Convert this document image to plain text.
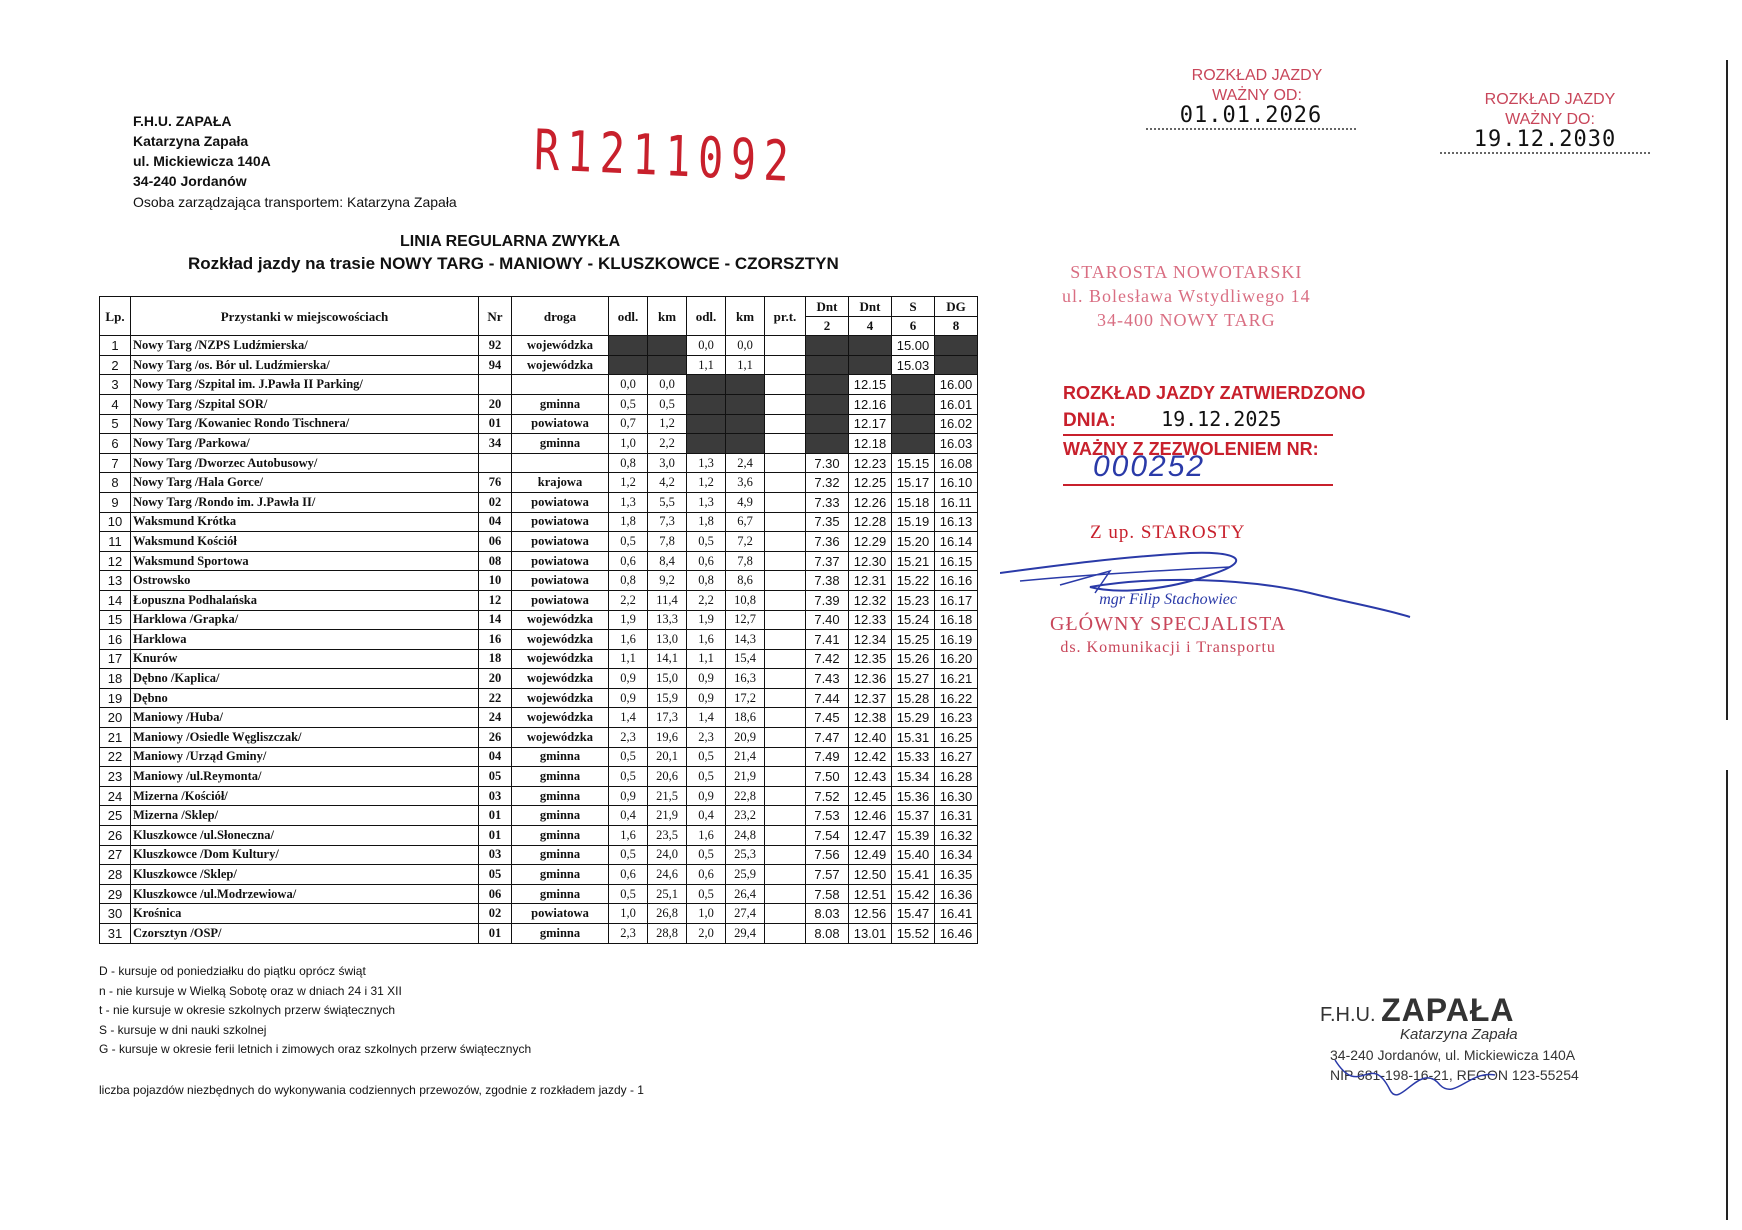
F.H.U. ZAPAŁA
Katarzyna Zapała
ul. Mickiewicza 140A
34-240 Jordanów
Osoba zarządzająca transportem: Katarzyna Zapała
R1211092
ROZKŁAD JAZDY
WAŻNY OD:
01.01.2026
ROZKŁAD JAZDY
WAŻNY DO:
19.12.2030
LINIA REGULARNA ZWYKŁA
Rozkład jazdy na trasie NOWY TARG - MANIOWY - KLUSZKOWCE - CZORSZTYN
Lp.	Przystanki w miejscowościach	Nr	droga	odl.	km	odl.	km	pr.t.	Dnt	Dnt	S	DG
									2	4	6	8
1	Nowy Targ /NZPS Ludźmierska/	92	wojewódzka			0,0	0,0				15.00	
2	Nowy Targ /os. Bór ul. Ludźmierska/	94	wojewódzka			1,1	1,1				15.03	
3	Nowy Targ /Szpital im. J.Pawła II Parking/			0,0	0,0					12.15		16.00
4	Nowy Targ /Szpital SOR/	20	gminna	0,5	0,5					12.16		16.01
5	Nowy Targ /Kowaniec Rondo Tischnera/	01	powiatowa	0,7	1,2					12.17		16.02
6	Nowy Targ /Parkowa/	34	gminna	1,0	2,2					12.18		16.03
7	Nowy Targ /Dworzec Autobusowy/			0,8	3,0	1,3	2,4		7.30	12.23	15.15	16.08
8	Nowy Targ /Hala Gorce/	76	krajowa	1,2	4,2	1,2	3,6		7.32	12.25	15.17	16.10
9	Nowy Targ /Rondo im. J.Pawła II/	02	powiatowa	1,3	5,5	1,3	4,9		7.33	12.26	15.18	16.11
10	Waksmund Krótka	04	powiatowa	1,8	7,3	1,8	6,7		7.35	12.28	15.19	16.13
11	Waksmund Kościół	06	powiatowa	0,5	7,8	0,5	7,2		7.36	12.29	15.20	16.14
12	Waksmund Sportowa	08	powiatowa	0,6	8,4	0,6	7,8		7.37	12.30	15.21	16.15
13	Ostrowsko	10	powiatowa	0,8	9,2	0,8	8,6		7.38	12.31	15.22	16.16
14	Łopuszna Podhalańska	12	powiatowa	2,2	11,4	2,2	10,8		7.39	12.32	15.23	16.17
15	Harklowa /Grapka/	14	wojewódzka	1,9	13,3	1,9	12,7		7.40	12.33	15.24	16.18
16	Harklowa	16	wojewódzka	1,6	13,0	1,6	14,3		7.41	12.34	15.25	16.19
17	Knurów	18	wojewódzka	1,1	14,1	1,1	15,4		7.42	12.35	15.26	16.20
18	Dębno /Kaplica/	20	wojewódzka	0,9	15,0	0,9	16,3		7.43	12.36	15.27	16.21
19	Dębno	22	wojewódzka	0,9	15,9	0,9	17,2		7.44	12.37	15.28	16.22
20	Maniowy /Huba/	24	wojewódzka	1,4	17,3	1,4	18,6		7.45	12.38	15.29	16.23
21	Maniowy /Osiedle Węgliszczak/	26	wojewódzka	2,3	19,6	2,3	20,9		7.47	12.40	15.31	16.25
22	Maniowy /Urząd Gminy/	04	gminna	0,5	20,1	0,5	21,4		7.49	12.42	15.33	16.27
23	Maniowy /ul.Reymonta/	05	gminna	0,5	20,6	0,5	21,9		7.50	12.43	15.34	16.28
24	Mizerna /Kościół/	03	gminna	0,9	21,5	0,9	22,8		7.52	12.45	15.36	16.30
25	Mizerna /Sklep/	01	gminna	0,4	21,9	0,4	23,2		7.53	12.46	15.37	16.31
26	Kluszkowce /ul.Słoneczna/	01	gminna	1,6	23,5	1,6	24,8		7.54	12.47	15.39	16.32
27	Kluszkowce /Dom Kultury/	03	gminna	0,5	24,0	0,5	25,3		7.56	12.49	15.40	16.34
28	Kluszkowce /Sklep/	05	gminna	0,6	24,6	0,6	25,9		7.57	12.50	15.41	16.35
29	Kluszkowce /ul.Modrzewiowa/	06	gminna	0,5	25,1	0,5	26,4		7.58	12.51	15.42	16.36
30	Krośnica	02	powiatowa	1,0	26,8	1,0	27,4		8.03	12.56	15.47	16.41
31	Czorsztyn /OSP/	01	gminna	2,3	28,8	2,0	29,4		8.08	13.01	15.52	16.46
D - kursuje od poniedziałku do piątku oprócz świąt
n - nie kursuje w Wielką Sobotę oraz w dniach 24 i 31 XII
t - nie kursuje w okresie szkolnych przerw świątecznych
S - kursuje w dni nauki szkolnej
G - kursuje w okresie ferii letnich i zimowych oraz szkolnych przerw świątecznych
liczba pojazdów niezbędnych do wykonywania codziennych przewozów, zgodnie z rozkładem jazdy - 1
STAROSTA NOWOTARSKI
ul. Bolesława Wstydliwego 14
34-400 NOWY TARG
ROZKŁAD JAZDY ZATWIERDZONO
DNIA: 19.12.2025
WAŻNY Z ZEZWOLENIEM NR:
000252
Z up. STAROSTY
mgr Filip Stachowiec
GŁÓWNY SPECJALISTA
ds. Komunikacji i Transportu
F.H.U. ZAPAŁA
Katarzyna Zapała
34-240 Jordanów, ul. Mickiewicza 140A
NIP 681-198-16-21, REGON 123-55254
